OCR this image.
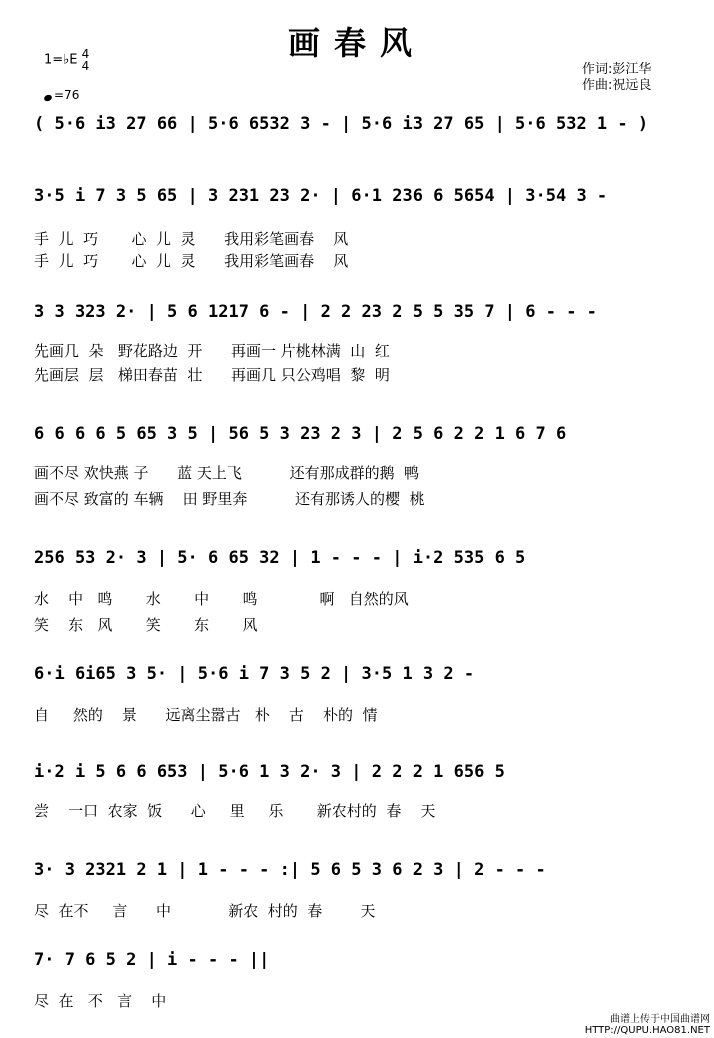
画春风
1=♭E 4
4
=76
作词:彭江华
作曲:祝远良
( 5·6 i3 27 66 | 5·6 6532 3 - | 5·6 i3 27 65 | 5·6 532 1 - )
3·5 i 7 3 5 65 | 3 231 23 2· | 6·1 236 6 5654 | 3·54 3 -
手  儿  巧       心  儿  灵      我用彩笔画春    风
手  儿  巧       心  儿  灵      我用彩笔画春    风
3 3 323 2· | 5 6 1217 6 - | 2 2 23 2 5 5 35 7 | 6 - - -
先画几  朵   野花路边  开      再画一 片桃林满  山  红
先画层  层   梯田春苗  壮      再画几 只公鸡唱  黎  明
6 6 6 6 5 65 3 5 | 56 5 3 23 2 3 | 2 5 6 2 2 1 6 7 6
画不尽 欢快燕 子      蓝 天上飞          还有那成群的鹅  鸭
画不尽 致富的 车辆    田 野里奔          还有那诱人的樱  桃
256 53 2· 3 | 5· 6 65 32 | 1 - - - | i·2 535 6 5
水    中   鸣       水       中       鸣             啊   自然的风
笑    东   风       笑       东       风
6·i 6i65 3 5· | 5·6 i 7 3 5 2 | 3·5 1 3 2 -
自     然的    景      远离尘嚣古   朴    古    朴的  情
i·2 i 5 6 6 653 | 5·6 1 3 2· 3 | 2 2 2 1 656 5
尝    一口  农家  饭      心     里     乐       新农村的  春    天
3· 3 2321 2 1 | 1 - - - :| 5 6 5 3 6 2 3 | 2 - - -
尽  在不     言      中            新农  村的  春        天
7· 7 6 5 2 | i - - - ||
尽  在   不   言    中
曲谱上传于中国曲谱网
HTTP://QUPU.HAO81.NET
